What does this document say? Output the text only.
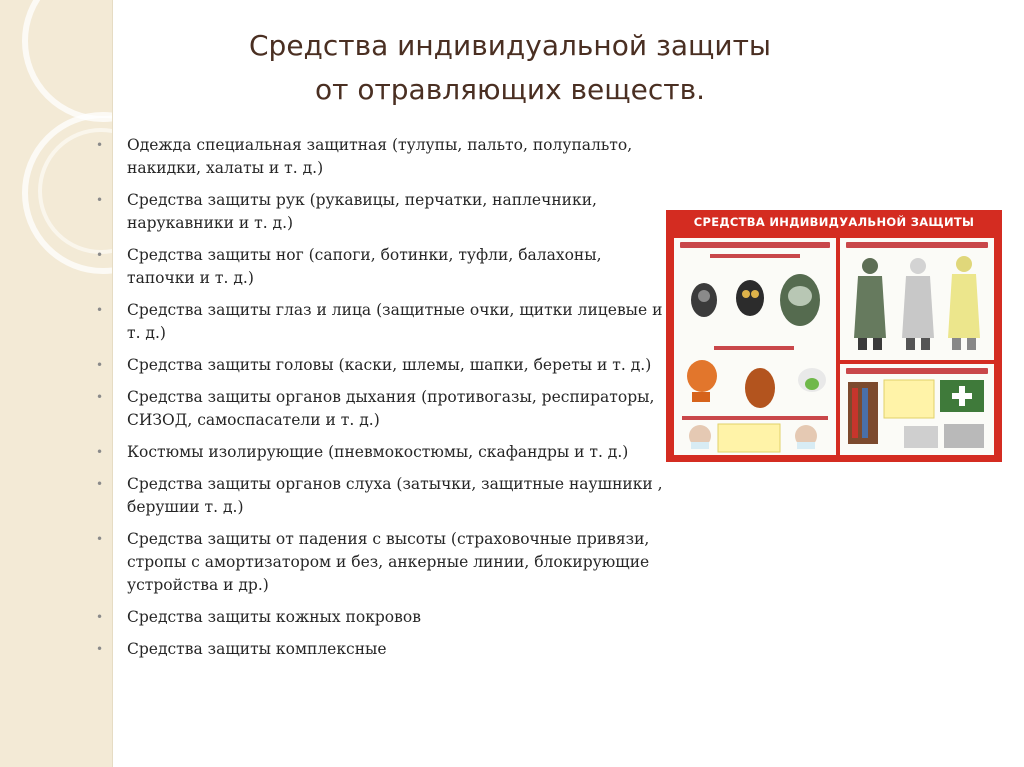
Средства индивидуальной защиты
от отравляющих веществ.
• Одежда специальная защитная (тулупы, пальто, полупальто, накидки, халаты и т. д.)
• Средства защиты рук (рукавицы, перчатки, наплечники, нарукавники и т. д.)
• Средства защиты ног (сапоги, ботинки, туфли, балахоны, тапочки и т. д.)
• Средства защиты глаз и лица (защитные очки, щитки лицевые и т. д.)
• Средства защиты головы (каски, шлемы, шапки, береты и т. д.)
• Средства защиты органов дыхания (противогазы, респираторы, СИЗОД, самоспасатели и т. д.)
• Костюмы изолирующие (пневмокостюмы, скафандры и т. д.)
• Средства защиты органов слуха (затычки, защитные наушники , берушии т. д.)
• Средства защиты от падения с высоты (страховочные привязи, стропы с амортизатором и без, анкерные линии, блокирующие устройства и др.)
• Средства защиты кожных покровов
• Средства защиты комплексные
СРЕДСТВА ИНДИВИДУАЛЬНОЙ ЗАЩИТЫ
